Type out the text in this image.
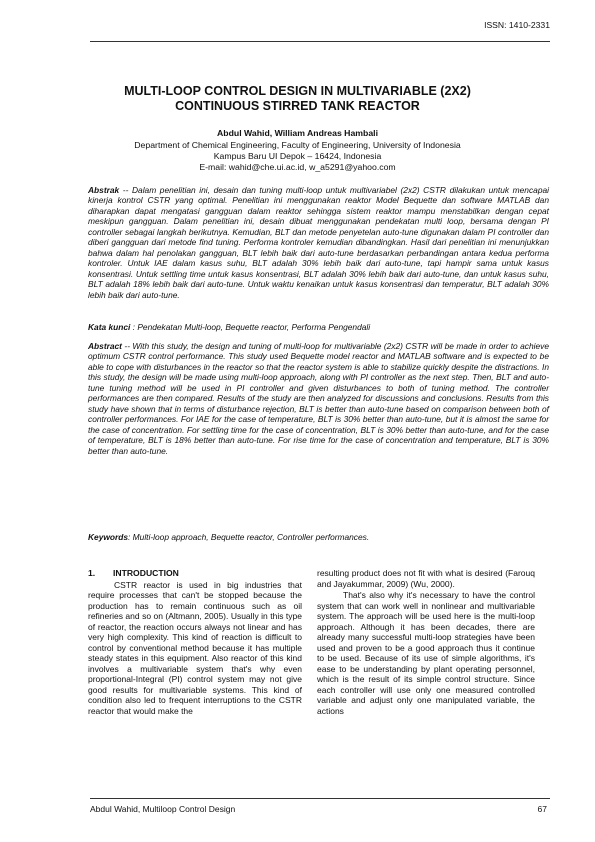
ISSN: 1410-2331
MULTI-LOOP CONTROL DESIGN IN MULTIVARIABLE (2X2)
CONTINUOUS STIRRED TANK REACTOR
Abdul Wahid, William Andreas Hambali
Department of Chemical Engineering, Faculty of Engineering, University of Indonesia
Kampus Baru UI Depok – 16424, Indonesia
E-mail: wahid@che.ui.ac.id, w_a5291@yahoo.com

Abstrak -- Dalam penelitian ini, desain dan tuning multi-loop untuk multivariabel (2x2) CSTR dilakukan untuk mencapai kinerja kontrol CSTR yang optimal. Penelitian ini menggunakan reaktor Model Bequette dan software MATLAB dan diharapkan dapat mengatasi gangguan dalam reaktor sehingga sistem reaktor mampu menstabilkan dengan cepat meskipun gangguan. Dalam penelitian ini, desain dibuat menggunakan pendekatan multi loop, bersama dengan PI controller sebagai langkah berikutnya. Kemudian, BLT dan metode penyetelan auto-tune digunakan dalam PI controller dan diberi gangguan dari metode find tuning. Performa kontroler kemudian dibandingkan. Hasil dari penelitian ini menunjukkan bahwa dalam hal penolakan gangguan, BLT lebih baik dari auto-tune berdasarkan perbandingan antara kedua performa kontroler. Untuk IAE dalam kasus suhu, BLT adalah 30% lebih baik dari auto-tune, tapi hampir sama untuk kasus konsentrasi. Untuk settling time untuk kasus konsentrasi, BLT adalah 30% lebih baik dari auto-tune, dan untuk kasus suhu, BLT adalah 18% lebih baik dari auto-tune. Untuk waktu kenaikan untuk kasus konsentrasi dan temperatur, BLT adalah 30% lebih baik dari auto-tune.

Kata kunci : Pendekatan Multi-loop, Bequette reactor, Performa Pengendali

Abstract -- With this study, the design and tuning of multi-loop for multivariable (2x2) CSTR will be made in order to achieve optimum CSTR control performance. This study used Bequette model reactor and MATLAB software and is expected to be able to cope with disturbances in the reactor so that the reactor system is able to stabilize quickly despite the distractions. In this study, the design will be made using multi-loop approach, along with PI controller as the next step. Then, BLT and auto-tune tuning method will be used in PI controller and given disturbances to both of tuning method. The controller performances are then compared. Results of the study are then analyzed for discussions and conclusions. Results from this study have shown that in terms of disturbance rejection, BLT is better than auto-tune based on comparison between both of controller performances. For IAE for the case of temperature, BLT is 30% better than auto-tune, but it is almost the same for the case of concentration. For settling time for the case of concentration, BLT is 30% better than auto-tune, and for the case of temperature, BLT is 18% better than auto-tune. For rise time for the case of concentration and temperature, BLT is 30% better than auto-tune.

Keywords: Multi-loop approach, Bequette reactor, Controller performances.

1. INTRODUCTION

CSTR reactor is used in big industries that require processes that can't be stopped because the production has to remain continuous such as oil refineries and so on (Altmann, 2005). Usually in this type of reactor, the reaction occurs always not linear and has very high complexity. This kind of reaction is difficult to control by conventional method because it has multiple steady states in this equipment. Also reactor of this kind involves a multivariable system that's why even proportional-Integral (PI) control system may not give good results for multivariable systems. This kind of condition also led to frequent interruptions to the CSTR reactor that would make the

resulting product does not fit with what is desired (Farouq and Jayakummar, 2009) (Wu, 2000).

That's also why it's necessary to have the control system that can work well in nonlinear and multivariable system. The approach will be used here is the multi-loop approach. Although it has been decades, there are already many successful multi-loop strategies have been used and proven to be a good approach thus it continue to be used. Because of its use of simple algorithms, it's ease to be understanding by plant operating personnel, which is the result of its simple control structure. Since each controller will use only one measured controlled variable and adjust only one manipulated variable, the actions

Abdul Wahid, Multiloop Control Design	67
